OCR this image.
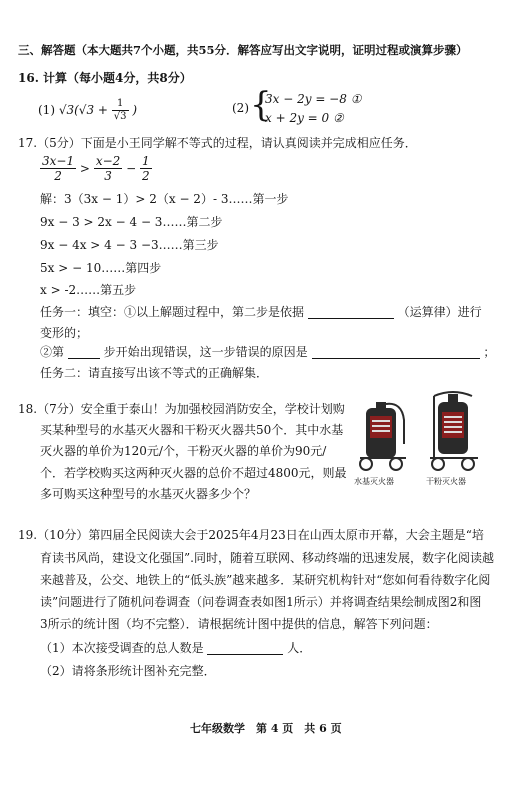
三、解答题（本大题共7个小题，共55分．解答应写出文字说明，证明过程或演算步骤）
16. 计算（每小题4分，共8分）
(1) $√3(√3 + \frac{1}{√3}$ )	(2) {
3x − 2y = −8 ①
x + 2y = 0 ②
17.（5分）下面是小王同学解不等式的过程，请认真阅读并完成相应任务．
$\frac{3x-1}{2} > \frac{x-2}{3} - \frac{1}{2}$
解：3（3x − 1）> 2（x − 2）- 3……第一步
9x − 3 > 2x − 4 − 3……第二步
9x − 4x > 4 − 3 −3……第三步
5x > − 10……第四步
x > -2……第五步
任务一：填空：①以上解题过程中，第二步是依据	（运算律）进行
变形的；
②第	步开始出现错误，这一步错误的原因是	；
任务二：请直接写出该不等式的正确解集．
18.（7分）安全重于泰山！为加强校园消防安全，学校计划购
买某种型号的水基灭火器和干粉灭火器共50个．其中水基
灭火器的单价为120元/个，干粉灭火器的单价为90元/
个．若学校购买这两种灭火器的总价不超过4800元，则最
多可购买这种型号的水基灭火器多少个？
水基灭火器	干粉灭火器
19.（10分）第四届全民阅读大会于2025年4月23日在山西太原市开幕，大会主题是“培
育读书风尚，建设文化强国”.同时，随着互联网、移动终端的迅速发展，数字化阅读越
来越普及，公交、地铁上的“低头族”越来越多．某研究机构针对“您如何看待数字化阅
读”问题进行了随机问卷调查（问卷调查表如图1所示）并将调查结果绘制成图2和图
3所示的统计图（均不完整）．请根据统计图中提供的信息，解答下列问题：
（1）本次接受调查的总人数是	人．
（2）请将条形统计图补充完整．
七年级数学　第 4 页　共 6 页
